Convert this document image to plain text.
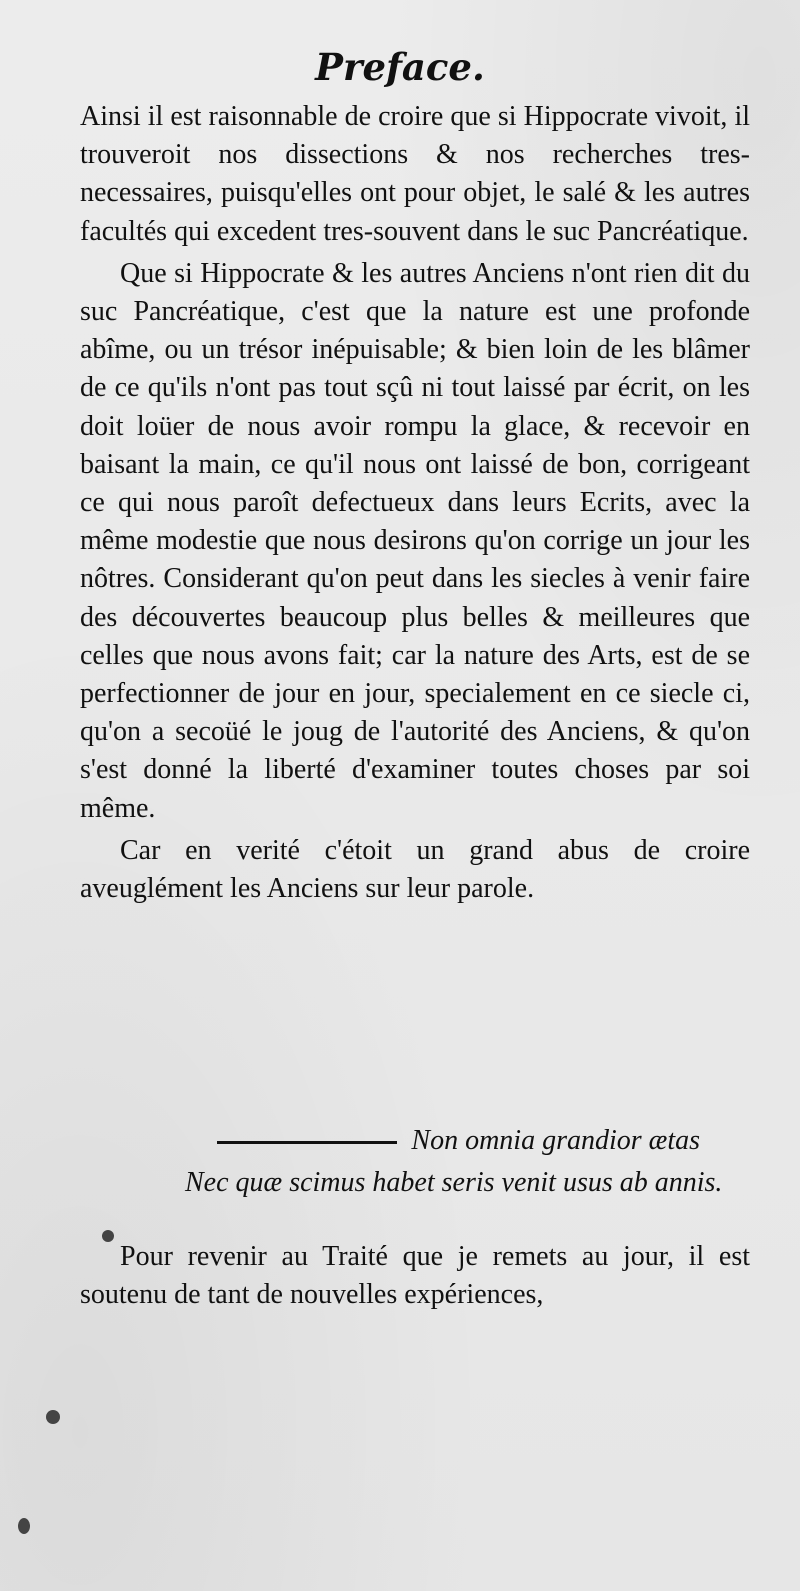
Preface.

Ainsi il est raisonnable de croire que si Hippocrate vivoit, il trouveroit nos dissections & nos recherches tres-necessaires, puisqu'elles ont pour objet, le salé & les autres facultés qui excedent tres-souvent dans le suc Pancréatique.

Que si Hippocrate & les autres Anciens n'ont rien dit du suc Pancréatique, c'est que la nature est une profonde abîme, ou un trésor inépuisable; & bien loin de les blâmer de ce qu'ils n'ont pas tout sçû ni tout laissé par écrit, on les doit loüer de nous avoir rompu la glace, & recevoir en baisant la main, ce qu'il nous ont laissé de bon, corrigeant ce qui nous paroît defectueux dans leurs Ecrits, avec la même modestie que nous desirons qu'on corrige un jour les nôtres. Considerant qu'on peut dans les siecles à venir faire des découvertes beaucoup plus belles & meilleures que celles que nous avons fait; car la nature des Arts, est de se perfectionner de jour en jour, specialement en ce siecle ci, qu'on a secoüé le joug de l'autorité des Anciens, & qu'on s'est donné la liberté d'examiner toutes choses par soi même.

Car en verité c'étoit un grand abus de croire aveuglément les Anciens sur leur parole.

Non omnia grandior ætas
Nec quæ scimus habet seris venit usus ab annis.

Pour revenir au Traité que je remets au jour, il est soutenu de tant de nouvelles expériences,
